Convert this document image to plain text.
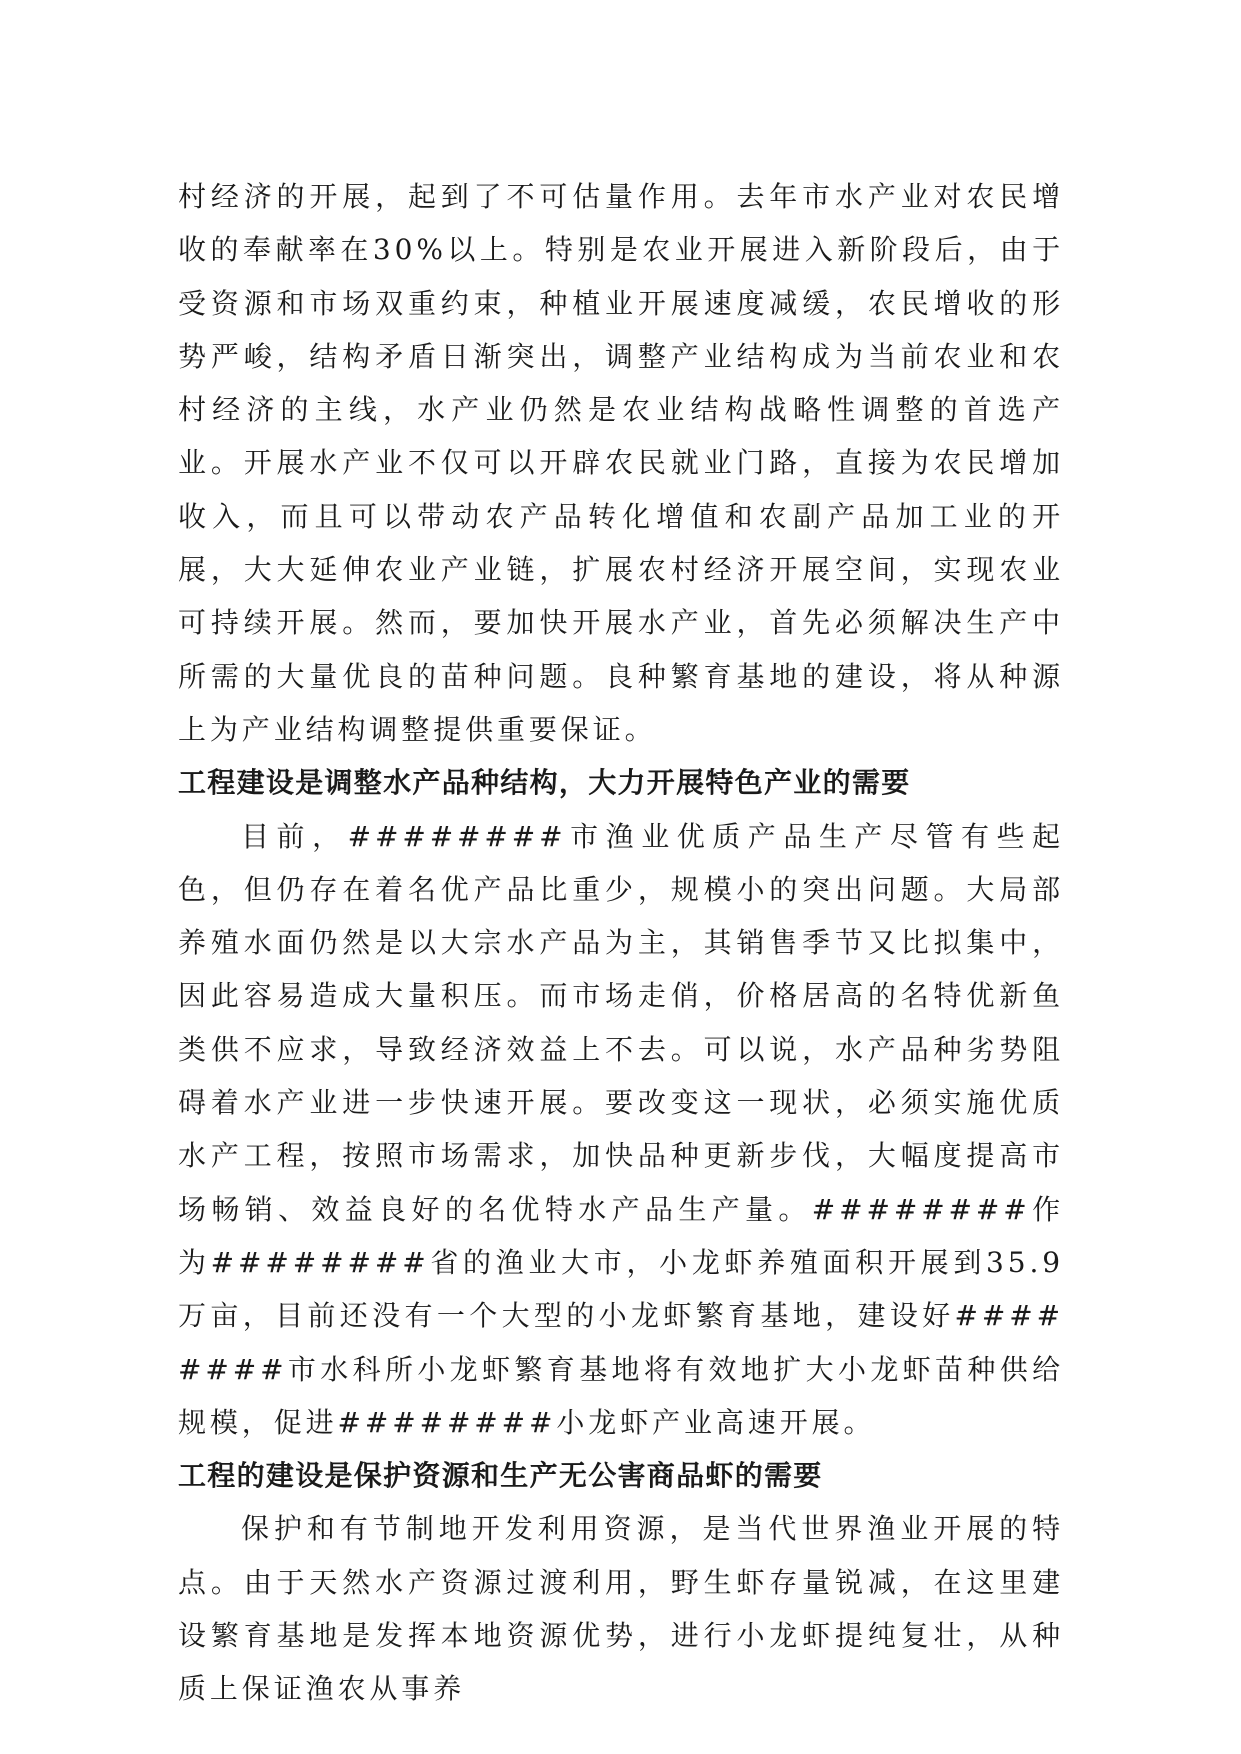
村经济的开展，起到了不可估量作用。去年市水产业对农民增收的奉献率在30%以上。特别是农业开展进入新阶段后，由于受资源和市场双重约束，种植业开展速度减缓，农民增收的形势严峻，结构矛盾日渐突出，调整产业结构成为当前农业和农村经济的主线，水产业仍然是农业结构战略性调整的首选产业。开展水产业不仅可以开辟农民就业门路，直接为农民增加收入，而且可以带动农产品转化增值和农副产品加工业的开展，大大延伸农业产业链，扩展农村经济开展空间，实现农业可持续开展。然而，要加快开展水产业，首先必须解决生产中所需的大量优良的苗种问题。良种繁育基地的建设，将从种源上为产业结构调整提供重要保证。

工程建设是调整水产品种结构，大力开展特色产业的需要

目前，########市渔业优质产品生产尽管有些起色，但仍存在着名优产品比重少，规模小的突出问题。大局部养殖水面仍然是以大宗水产品为主，其销售季节又比拟集中，因此容易造成大量积压。而市场走俏，价格居高的名特优新鱼类供不应求，导致经济效益上不去。可以说，水产品种劣势阻碍着水产业进一步快速开展。要改变这一现状，必须实施优质水产工程，按照市场需求，加快品种更新步伐，大幅度提高市场畅销、效益良好的名优特水产品生产量。########作为########省的渔业大市，小龙虾养殖面积开展到35.9万亩，目前还没有一个大型的小龙虾繁育基地，建设好########市水科所小龙虾繁育基地将有效地扩大小龙虾苗种供给规模，促进########小龙虾产业高速开展。

工程的建设是保护资源和生产无公害商品虾的需要

保护和有节制地开发利用资源，是当代世界渔业开展的特点。由于天然水产资源过渡利用，野生虾存量锐减，在这里建设繁育基地是发挥本地资源优势，进行小龙虾提纯复壮，从种质上保证渔农从事养
